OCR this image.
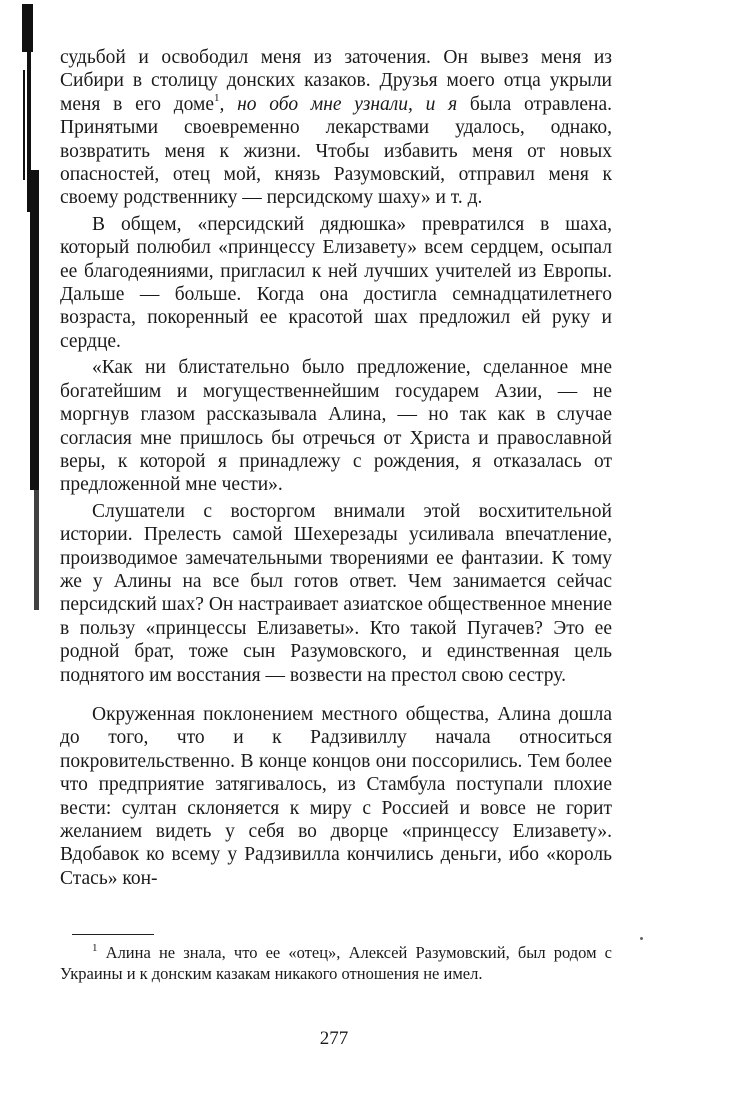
судьбой и освободил меня из заточения. Он вывез меня из Сибири в столицу донских казаков. Друзья моего отца укрыли меня в его доме$^1$, но обо мне узнали, и я была отравлена. Принятыми своевременно лекарствами удалось, однако, возвратить меня к жизни. Чтобы избавить меня от новых опасностей, отец мой, князь Разумовский, отправил меня к своему родственнику — персидскому шаху» и т. д.

В общем, «персидский дядюшка» превратился в шаха, который полюбил «принцессу Елизавету» всем сердцем, осыпал ее благодеяниями, пригласил к ней лучших учителей из Европы. Дальше — больше. Когда она достигла семнадцатилетнего возраста, покоренный ее красотой шах предложил ей руку и сердце.

«Как ни блистательно было предложение, сделанное мне богатейшим и могущественнейшим государем Азии, — не моргнув глазом рассказывала Алина, — но так как в случае согласия мне пришлось бы отречься от Христа и православной веры, к которой я принадлежу с рождения, я отказалась от предложенной мне чести».

Слушатели с восторгом внимали этой восхитительной истории. Прелесть самой Шехерезады усиливала впечатление, производимое замечательными творениями ее фантазии. К тому же у Алины на все был готов ответ. Чем занимается сейчас персидский шах? Он настраивает азиатское общественное мнение в пользу «принцессы Елизаветы». Кто такой Пугачев? Это ее родной брат, тоже сын Разумовского, и единственная цель поднятого им восстания — возвести на престол свою сестру.

Окруженная поклонением местного общества, Алина дошла до того, что и к Радзивиллу начала относиться покровительственно. В конце концов они поссорились. Тем более что предприятие затягивалось, из Стамбула поступали плохие вести: султан склоняется к миру с Россией и вовсе не горит желанием видеть у себя во дворце «принцессу Елизавету». Вдобавок ко всему у Радзивилла кончились деньги, ибо «король Стась» кон-

$^1$ Алина не знала, что ее «отец», Алексей Разумовский, был родом с Украины и к донским казакам никакого отношения не имел.

277
